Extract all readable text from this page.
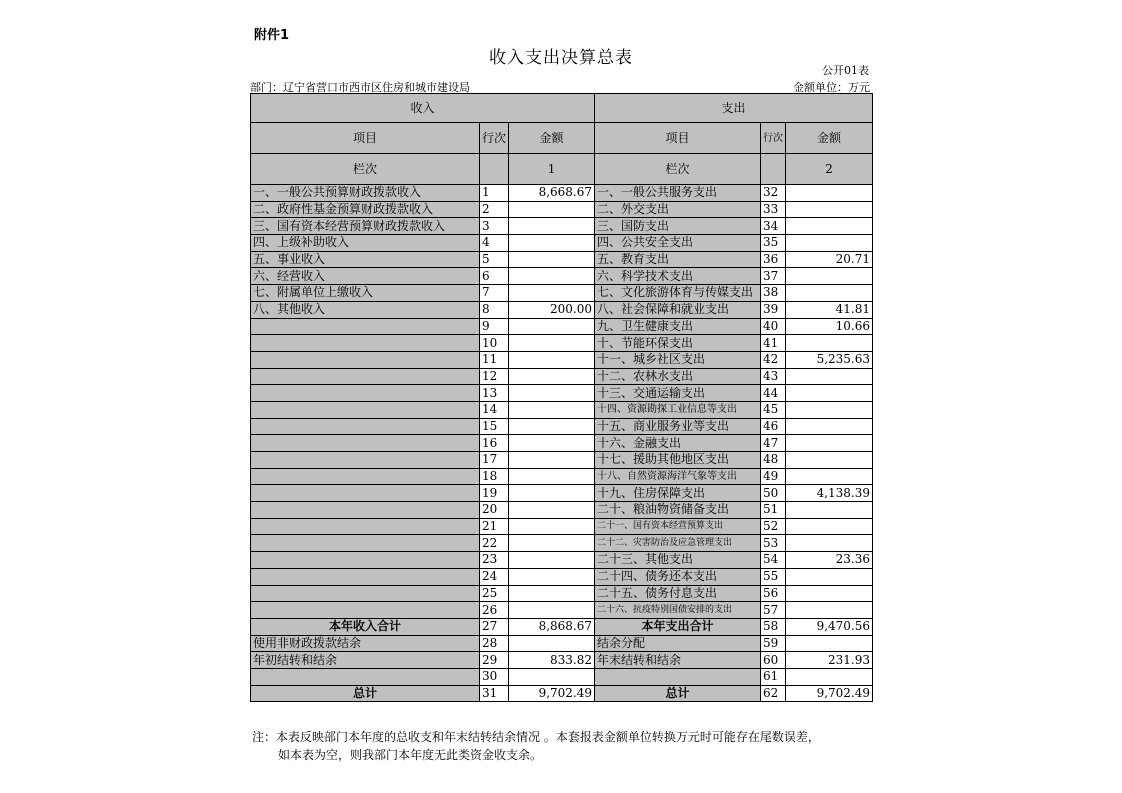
附件1
收入支出决算总表
公开01表
部门：辽宁省营口市西市区住房和城市建设局	金额单位：万元
收入			支出		
项目	行次	金额	项目	行次	金额
栏次		1	栏次		2
一、一般公共预算财政拨款收入	1	8,668.67	一、一般公共服务支出	32	
二、政府性基金预算财政拨款收入	2		二、外交支出	33	
三、国有资本经营预算财政拨款收入	3		三、国防支出	34	
四、上级补助收入	4		四、公共安全支出	35	
五、事业收入	5		五、教育支出	36	20.71
六、经营收入	6		六、科学技术支出	37	
七、附属单位上缴收入	7		七、文化旅游体育与传媒支出	38	
八、其他收入	8	200.00	八、社会保障和就业支出	39	41.81
	9		九、卫生健康支出	40	10.66
	10		十、节能环保支出	41	
	11		十一、城乡社区支出	42	5,235.63
	12		十二、农林水支出	43	
	13		十三、交通运输支出	44	
	14		十四、资源勘探工业信息等支出	45	
	15		十五、商业服务业等支出	46	
	16		十六、金融支出	47	
	17		十七、援助其他地区支出	48	
	18		十八、自然资源海洋气象等支出	49	
	19		十九、住房保障支出	50	4,138.39
	20		二十、粮油物资储备支出	51	
	21		二十一、国有资本经营预算支出	52	
	22		二十二、灾害防治及应急管理支出	53	
	23		二十三、其他支出	54	23.36
	24		二十四、债务还本支出	55	
	25		二十五、债务付息支出	56	
	26		二十六、抗疫特别国债安排的支出	57	
本年收入合计	27	8,868.67	本年支出合计	58	9,470.56
使用非财政拨款结余	28		结余分配	59	
年初结转和结余	29	833.82	年末结转和结余	60	231.93
	30			61	
总计	31	9,702.49	总计	62	9,702.49
注：本表反映部门本年度的总收支和年末结转结余情况 。本套报表金额单位转换万元时可能存在尾数误差，
如本表为空，则我部门本年度无此类资金收支余。
